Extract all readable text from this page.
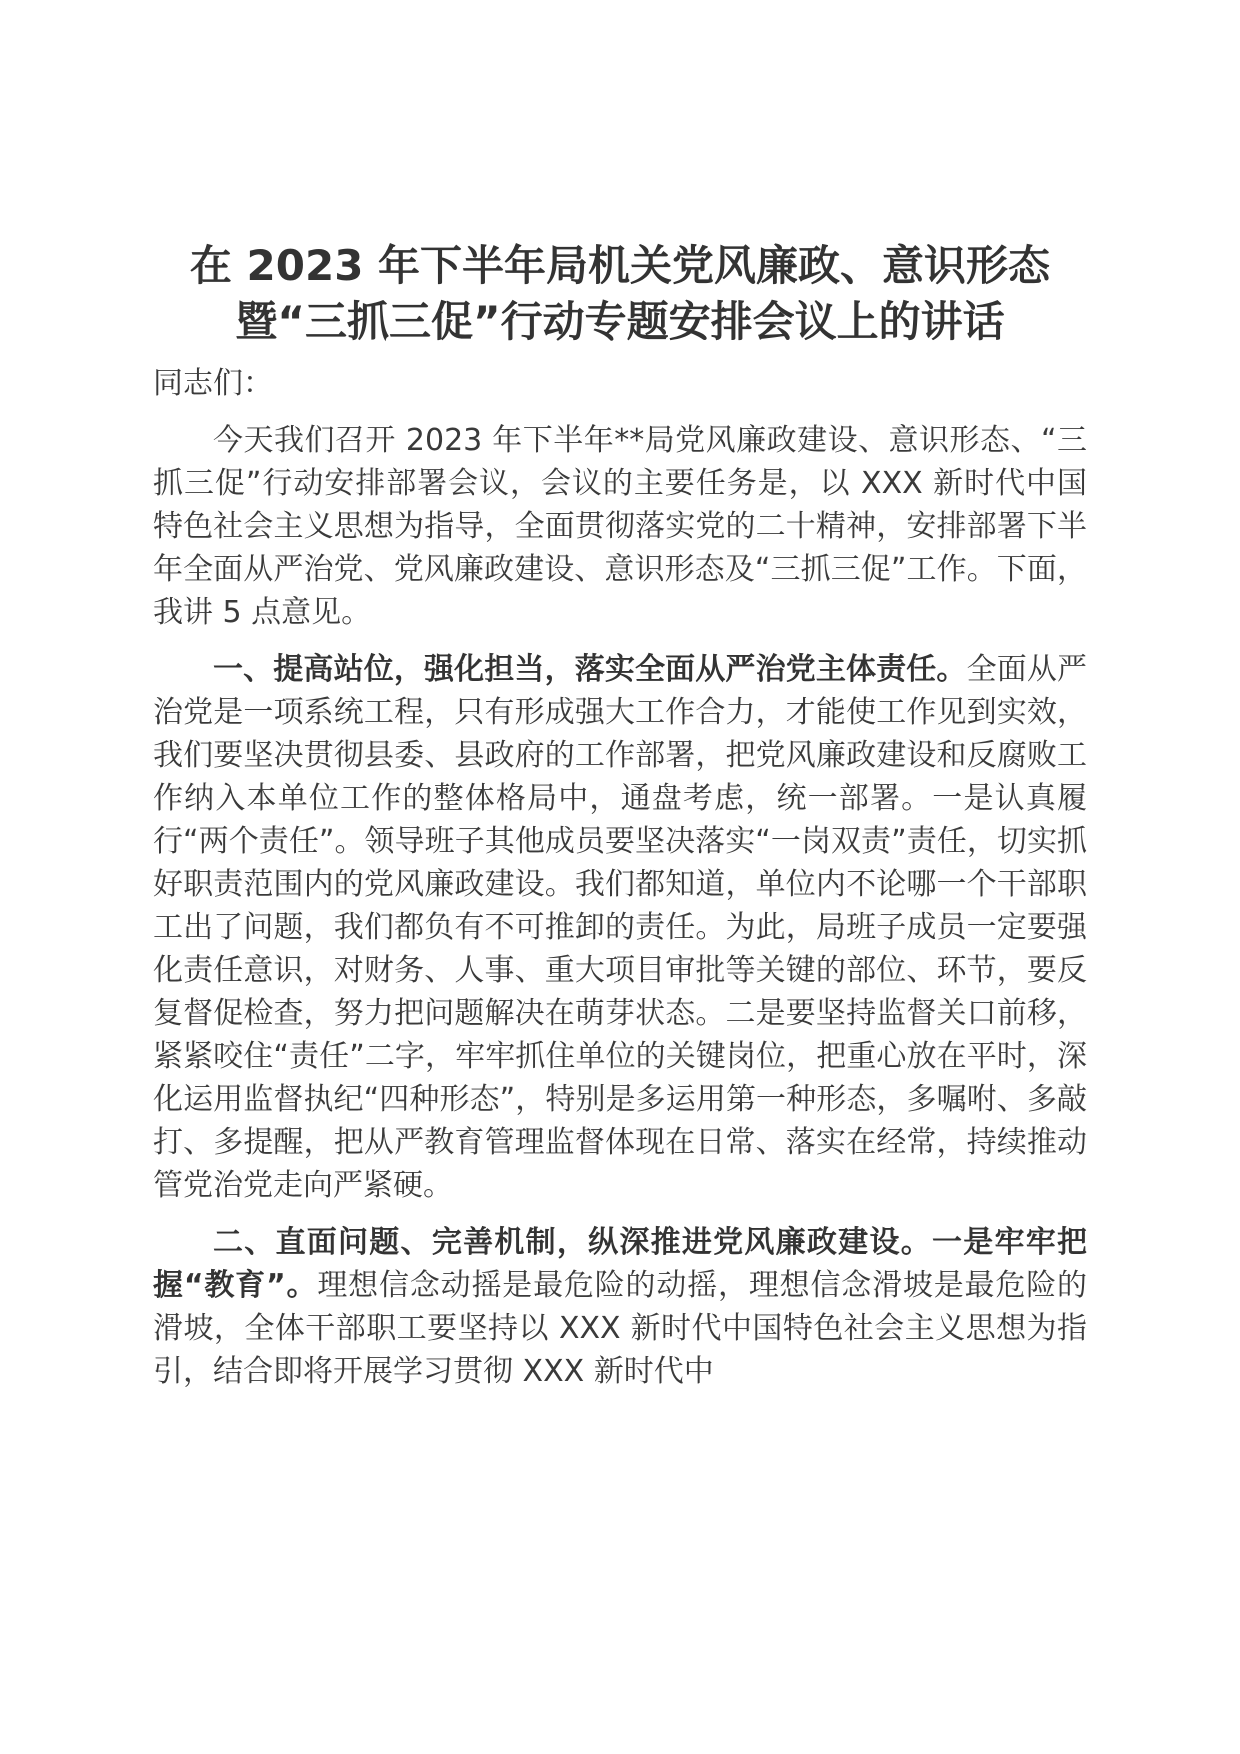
在 2023 年下半年局机关党风廉政、意识形态
暨“三抓三促”行动专题安排会议上的讲话

同志们：

今天我们召开 2023 年下半年**局党风廉政建设、意识形态、“三抓三促”行动安排部署会议，会议的主要任务是，以 XXX 新时代中国特色社会主义思想为指导，全面贯彻落实党的二十精神，安排部署下半年全面从严治党、党风廉政建设、意识形态及“三抓三促”工作。下面，我讲 5 点意见。

一、提高站位，强化担当，落实全面从严治党主体责任。全面从严治党是一项系统工程，只有形成强大工作合力，才能使工作见到实效，我们要坚决贯彻县委、县政府的工作部署，把党风廉政建设和反腐败工作纳入本单位工作的整体格局中，通盘考虑，统一部署。一是认真履行“两个责任”。领导班子其他成员要坚决落实“一岗双责”责任，切实抓好职责范围内的党风廉政建设。我们都知道，单位内不论哪一个干部职工出了问题，我们都负有不可推卸的责任。为此，局班子成员一定要强化责任意识，对财务、人事、重大项目审批等关键的部位、环节，要反复督促检查，努力把问题解决在萌芽状态。二是要坚持监督关口前移，紧紧咬住“责任”二字，牢牢抓住单位的关键岗位，把重心放在平时，深化运用监督执纪“四种形态”，特别是多运用第一种形态，多嘱咐、多敲打、多提醒，把从严教育管理监督体现在日常、落实在经常，持续推动管党治党走向严紧硬。

二、直面问题、完善机制，纵深推进党风廉政建设。一是牢牢把握“教育”。理想信念动摇是最危险的动摇，理想信念滑坡是最危险的滑坡，全体干部职工要坚持以 XXX 新时代中国特色社会主义思想为指引，结合即将开展学习贯彻 XXX 新时代中
